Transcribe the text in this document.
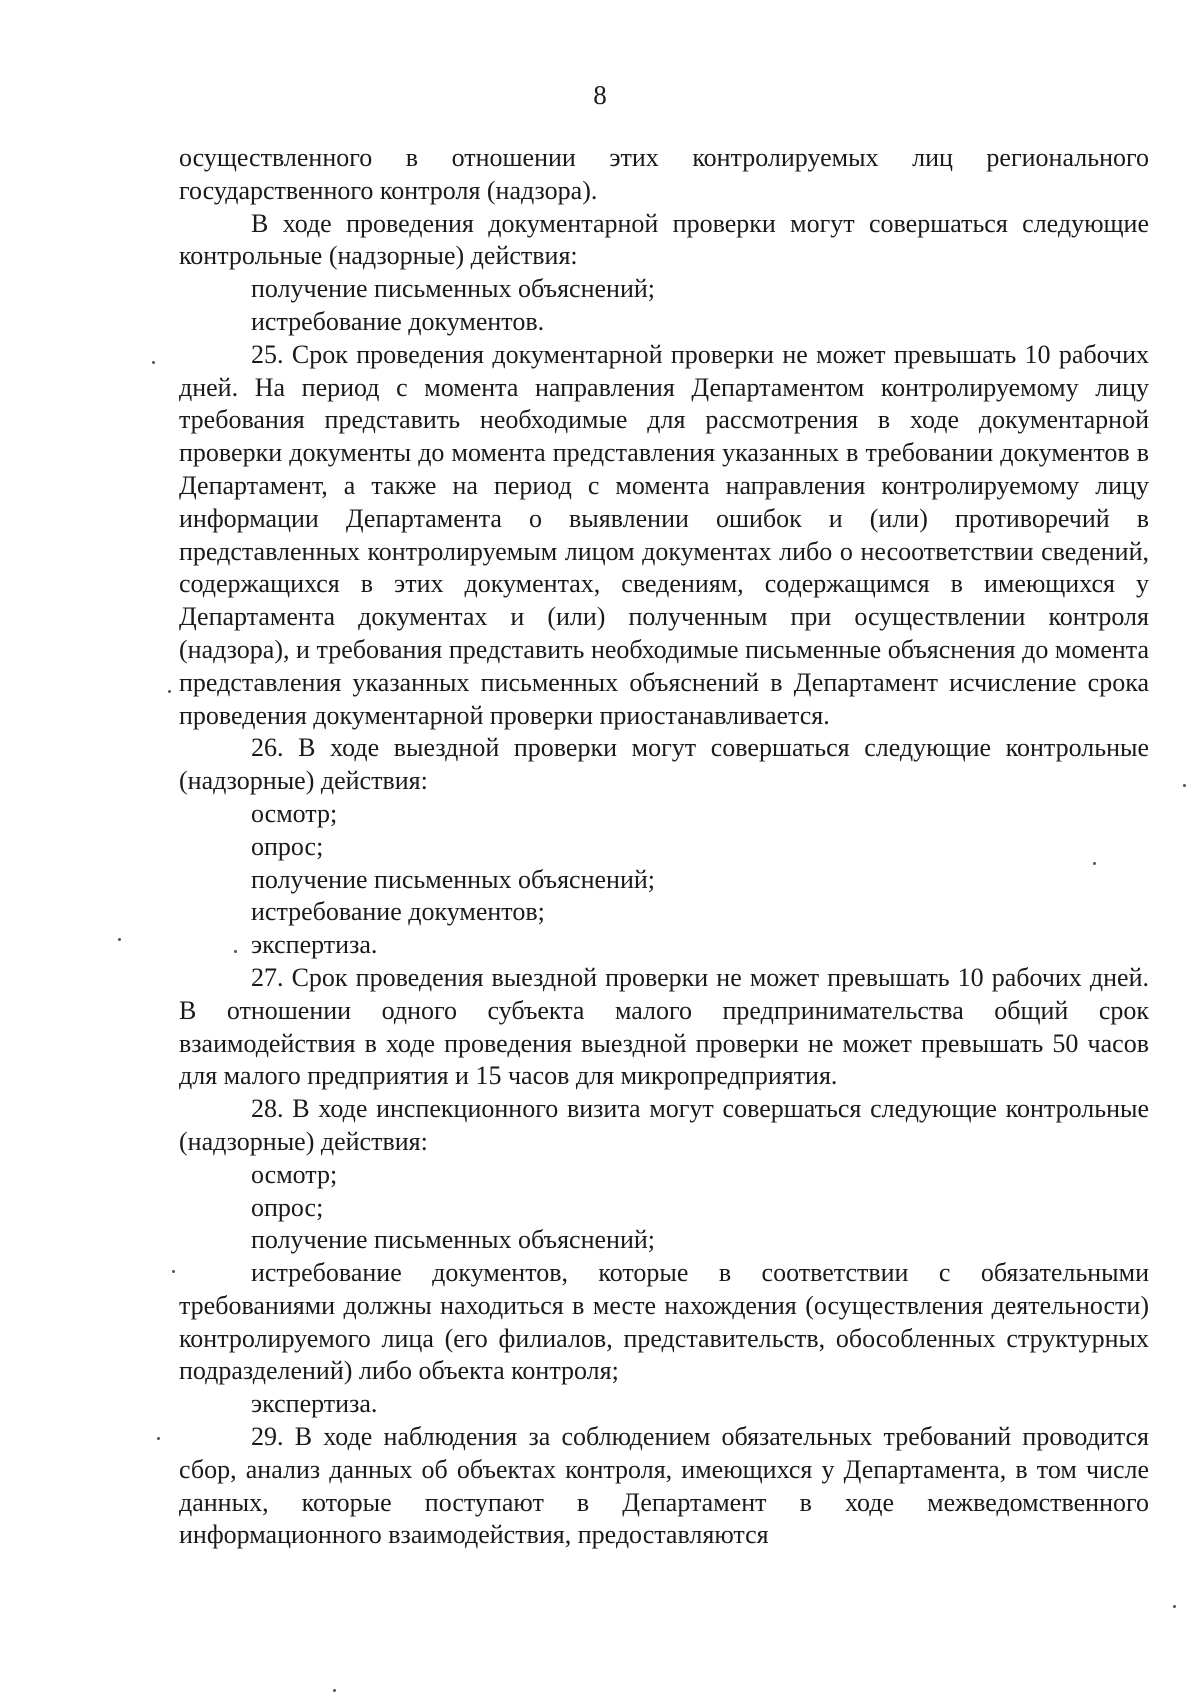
8

осуществленного в отношении этих контролируемых лиц регионального государственного контроля (надзора).

В ходе проведения документарной проверки могут совершаться следующие контрольные (надзорные) действия:

получение письменных объяснений;

истребование документов.

25. Срок проведения документарной проверки не может превышать 10 рабочих дней. На период с момента направления Департаментом контролируемому лицу требования представить необходимые для рассмотрения в ходе документарной проверки документы до момента представления указанных в требовании документов в Департамент, а также на период с момента направления контролируемому лицу информации Департамента о выявлении ошибок и (или) противоречий в представленных контролируемым лицом документах либо о несоответствии сведений, содержащихся в этих документах, сведениям, содержащимся в имеющихся у Департамента документах и (или) полученным при осуществлении контроля (надзора), и требования представить необходимые письменные объяснения до момента представления указанных письменных объяснений в Департамент исчисление срока проведения документарной проверки приостанавливается.

26. В ходе выездной проверки могут совершаться следующие контрольные (надзорные) действия:

осмотр;

опрос;

получение письменных объяснений;

истребование документов;

экспертиза.

27. Срок проведения выездной проверки не может превышать 10 рабочих дней. В отношении одного субъекта малого предпринимательства общий срок взаимодействия в ходе проведения выездной проверки не может превышать 50 часов для малого предприятия и 15 часов для микропредприятия.

28. В ходе инспекционного визита могут совершаться следующие контрольные (надзорные) действия:

осмотр;

опрос;

получение письменных объяснений;

истребование документов, которые в соответствии с обязательными требованиями должны находиться в месте нахождения (осуществления деятельности) контролируемого лица (его филиалов, представительств, обособленных структурных подразделений) либо объекта контроля;

экспертиза.

29. В ходе наблюдения за соблюдением обязательных требований проводится сбор, анализ данных об объектах контроля, имеющихся у Департамента, в том числе данных, которые поступают в Департамент в ходе межведомственного информационного взаимодействия, предоставляются
